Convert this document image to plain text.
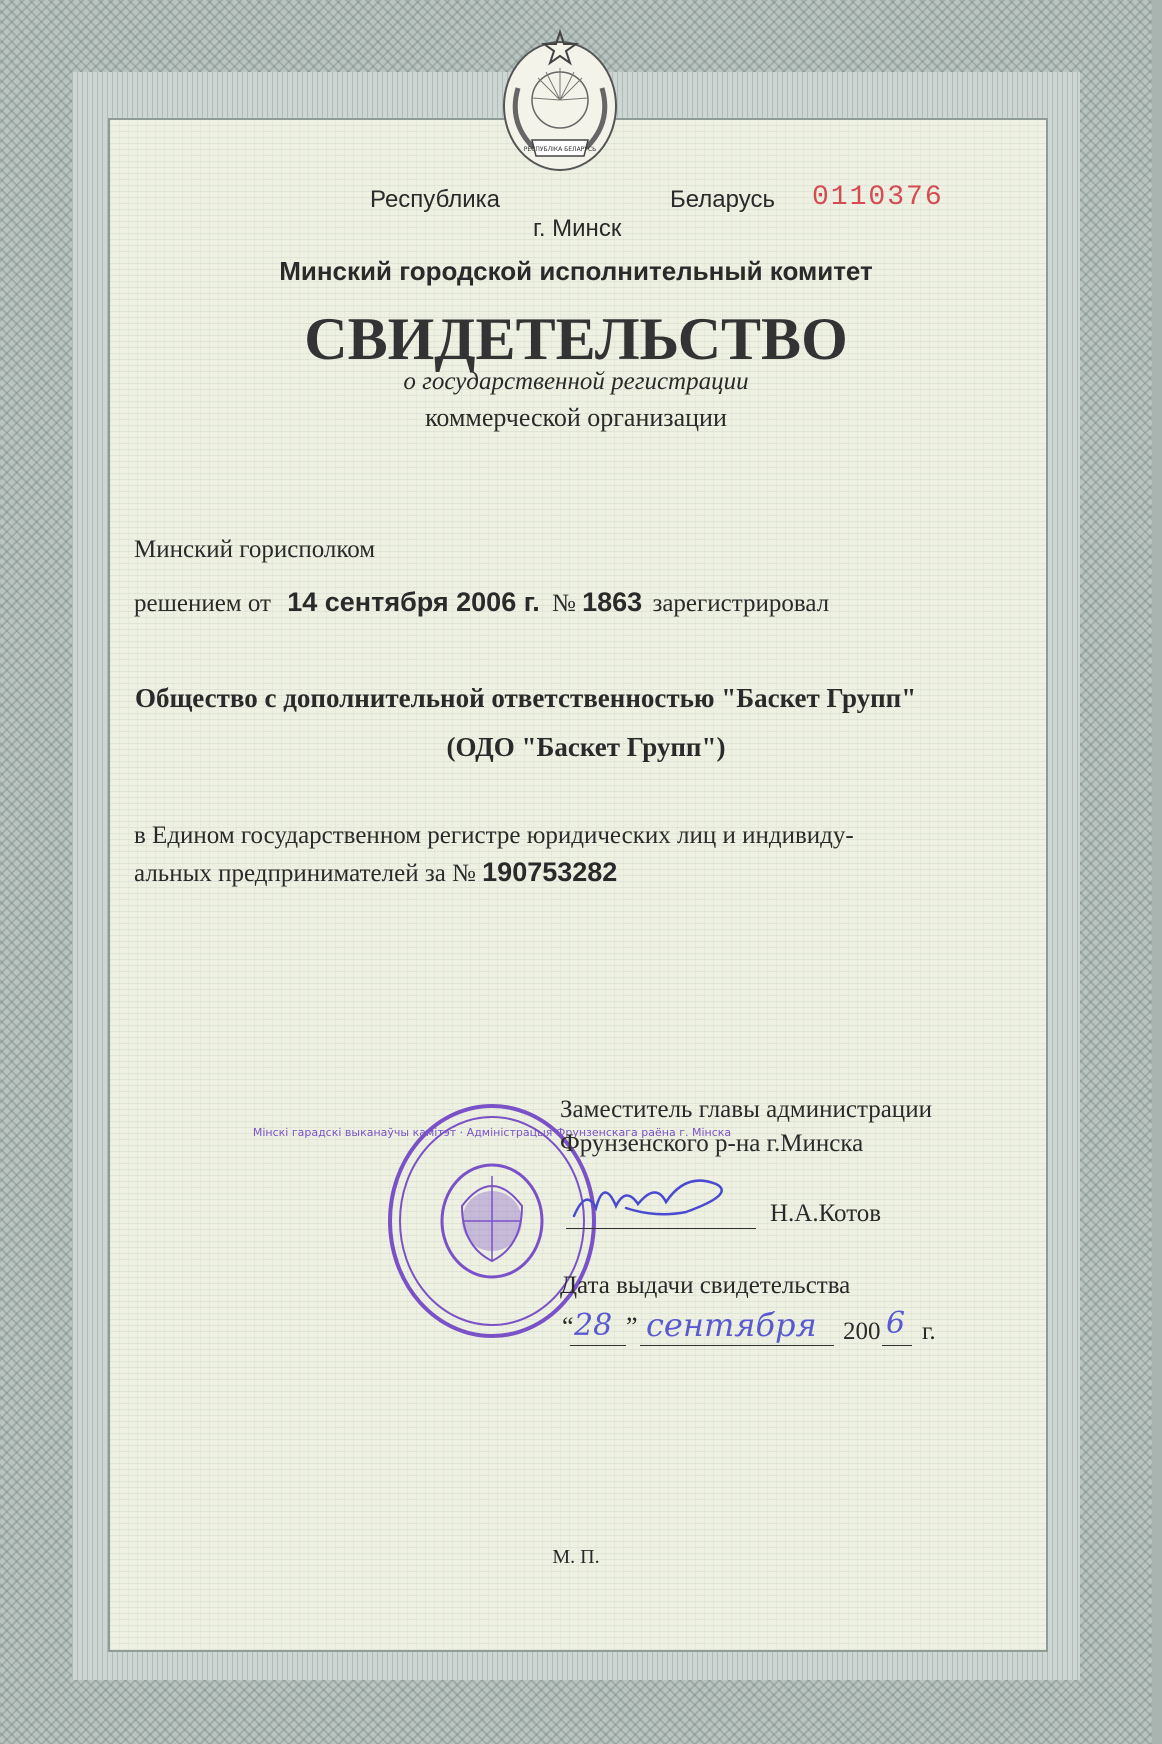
РЕСПУБЛІКА БЕЛАРУСЬ
Республика	Беларусь 0110376
г. Минск
Минский городской исполнительный комитет
СВИДЕТЕЛЬСТВО
о государственной регистрации
коммерческой организации
Минский горисполком
решением от 14 сентября 2006 г. № 1863 зарегистрировал
Общество с дополнительной ответственностью "Баскет Групп"
(ОДО "Баскет Групп")
в Едином государственном регистре юридических лиц и индивиду-
альных предпринимателей за № 190753282
Мінскі гарадскі выканаўчы камітэт · Адміністрацыя Фрунзенскага раёна г. Мінска
Заместитель главы администрации
Фрунзенского р-на г.Минска
Н.А.Котов
Дата выдачи свидетельства
“ 28 ” сентября 200 6 г.
М. П.
